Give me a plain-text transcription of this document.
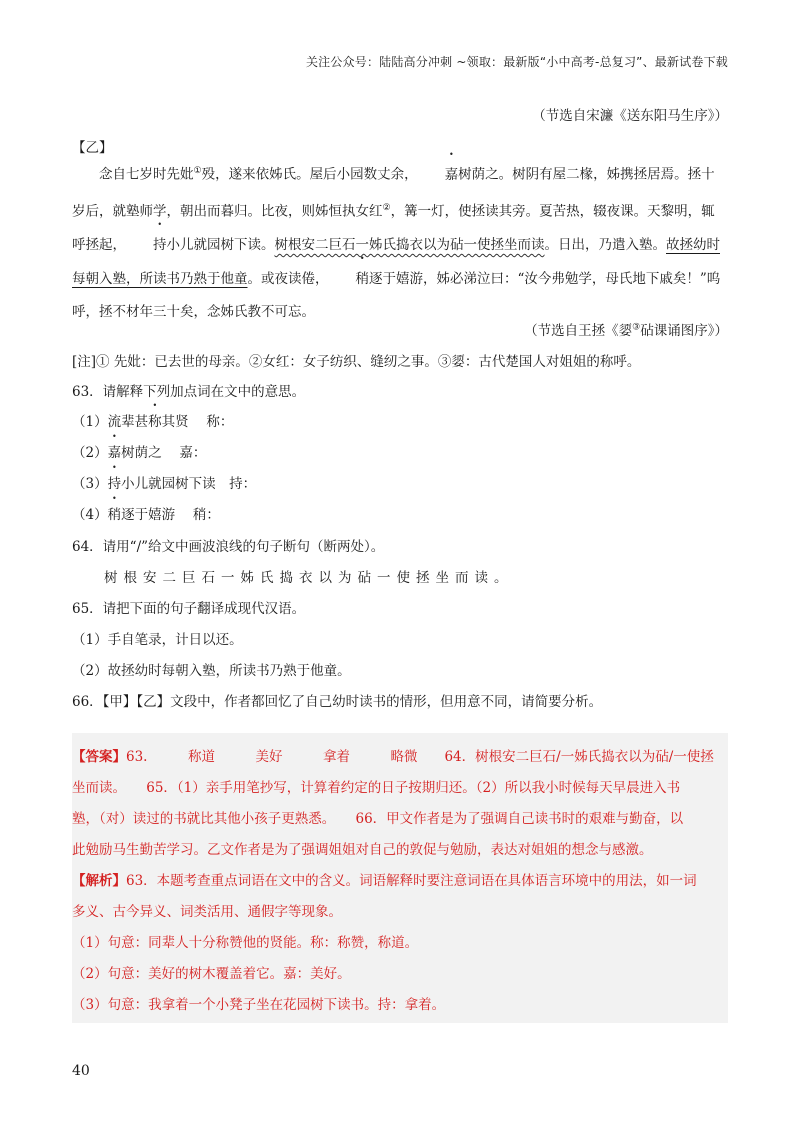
关注公众号：陆陆高分冲刺 ~领取：最新版“小中高考-总复习”、最新试卷下载
（节选自宋濂《送东阳马生序》）
【乙】
念自七岁时先妣①殁，遂来依姊氏。屋后小园数丈余， 嘉树荫之。树阴有屋二椽，姊携拯居焉。拯十岁后，就塾师学，朝出而暮归。比夜，则姊恒执女红②，篝一灯，使拯读其旁。夏苦热，辍夜课。天黎明，辄呼拯起， 持小儿就园树下读。树根安二巨石一姊氏捣衣以为砧一使拯坐而读。日出，乃遣入塾。故拯幼时每朝入塾，所读书乃熟于他童。或夜读倦， 稍逐于嬉游，姊必涕泣曰：“汝今弗勉学，母氏地下戚矣！”呜呼，拯不材年三十矣，念姊氏教不可忘。
（节选自王拯《媭③砧课诵图序》）
[注]① 先妣：已去世的母亲。②女红：女子纺织、缝纫之事。③媭：古代楚国人对姐姐的称呼。
63．请解释下列加点词在文中的意思。
（1）流辈甚称其贤　 称：
（2）嘉树荫之　 嘉：
（3）持小儿就园树下读　持：
（4）稍逐于嬉游　 稍：
64．请用“/”给文中画波浪线的句子断句（断两处）。
树根安二巨石一姊氏捣衣以为砧一使拯坐而读。
65．请把下面的句子翻译成现代汉语。
（1）手自笔录，计日以还。
（2）故拯幼时每朝入塾，所读书乃熟于他童。
66．【甲】【乙】文段中，作者都回忆了自己幼时读书的情形，但用意不同，请简要分析。
【答案】63.　　　称道　　　美好　　　拿着　　　略微　　64．树根安二巨石/一姊氏捣衣以为砧/一使拯
坐而读。　　65．（1）亲手用笔抄写，计算着约定的日子按期归还。（2）所以我小时候每天早晨进入书
塾，（对）读过的书就比其他小孩子更熟悉。　　66．甲文作者是为了强调自己读书时的艰难与勤奋，以
此勉励马生勤苦学习。乙文作者是为了强调姐姐对自己的敦促与勉励，表达对姐姐的想念与感激。
【解析】63．本题考查重点词语在文中的含义。词语解释时要注意词语在具体语言环境中的用法，如一词
多义、古今异义、词类活用、通假字等现象。
（1）句意：同辈人十分称赞他的贤能。称：称赞，称道。
（2）句意：美好的树木覆盖着它。嘉：美好。
（3）句意：我拿着一个小凳子坐在花园树下读书。持：拿着。
40
